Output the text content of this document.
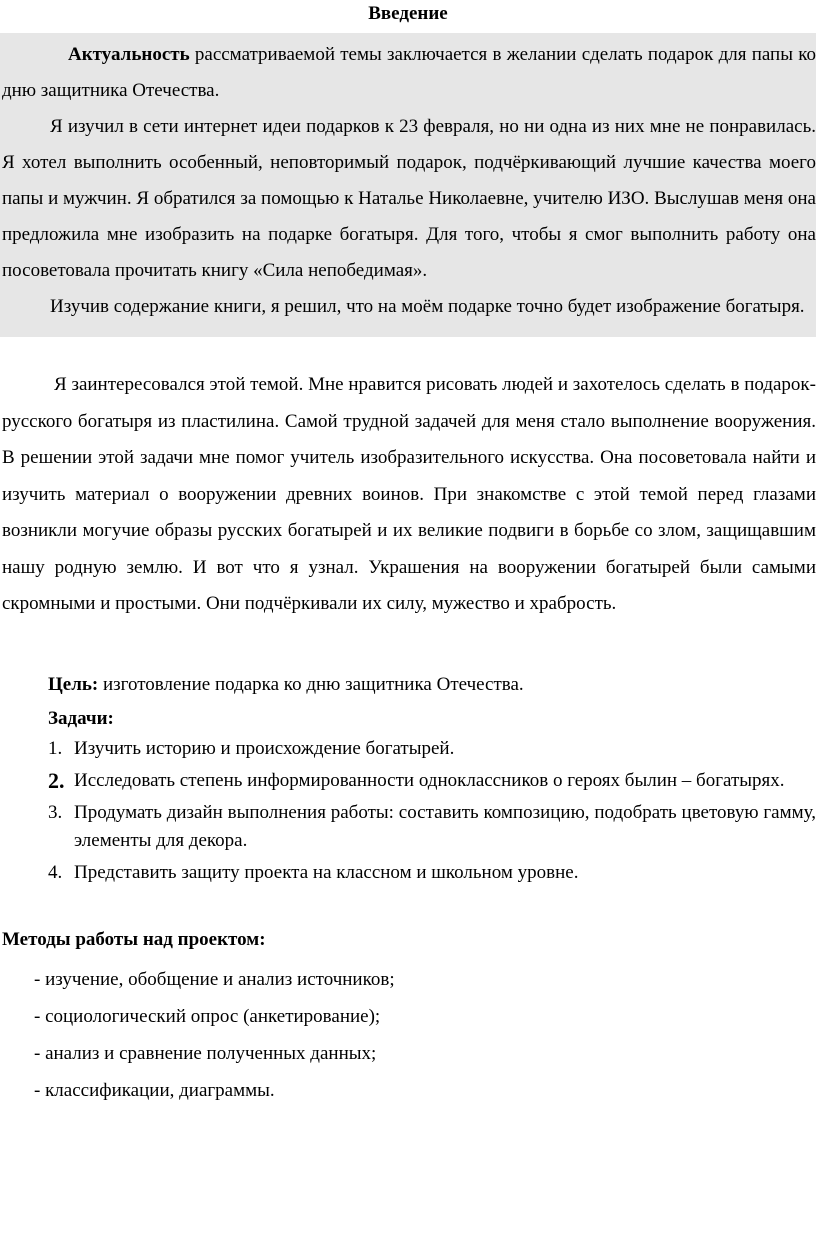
Введение

Актуальность рассматриваемой темы заключается в желании сделать подарок для папы ко дню защитника Отечества.

Я изучил в сети интернет идеи подарков к 23 февраля, но ни одна из них мне не понравилась. Я хотел выполнить особенный, неповторимый подарок, подчёркивающий лучшие качества моего папы и мужчин. Я обратился за помощью к Наталье Николаевне, учителю ИЗО. Выслушав меня она предложила мне изобразить на подарке богатыря. Для того, чтобы я смог выполнить работу она посоветовала прочитать книгу «Сила непобедимая».

Изучив содержание книги, я решил, что на моём подарке точно будет изображение богатыря.

Я заинтересовался этой темой. Мне нравится рисовать людей и захотелось сделать в подарок- русского богатыря из пластилина. Самой трудной задачей для меня стало выполнение вооружения. В решении этой задачи мне помог учитель изобразительного искусства. Она посоветовала найти и изучить материал о вооружении древних воинов. При знакомстве с этой темой перед глазами возникли могучие образы русских богатырей и их великие подвиги в борьбе со злом, защищавшим нашу родную землю. И вот что я узнал. Украшения на вооружении богатырей были самыми скромными и простыми. Они подчёркивали их силу, мужество и храбрость.

Цель: изготовление подарка ко дню защитника Отечества.
Задачи:
1. Изучить историю и происхождение богатырей.
2. Исследовать степень информированности одноклассников о героях былин – богатырях.
3. Продумать дизайн выполнения работы: составить композицию, подобрать цветовую гамму, элементы для декора.
4. Представить защиту проекта на классном и школьном уровне.
Методы работы над проектом:
- изучение, обобщение и анализ источников;
- социологический опрос (анкетирование);
- анализ и сравнение полученных данных;
- классификации, диаграммы.
